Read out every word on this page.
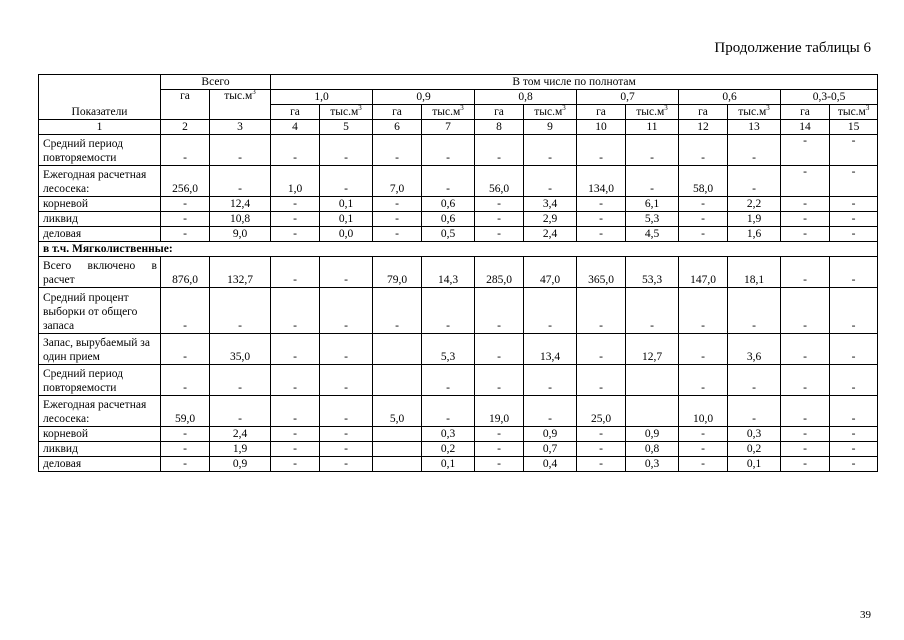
Продолжение таблицы 6
Показатели	Всего		В том числе по полнотам											
	га	$тыс.м^3$	1,0		0,9		0,8		0,7		0,6		0,3-0,5	
			га	$тыс.м^3$	га	$тыс.м^3$	га	$тыс.м^3$	га	$тыс.м^3$	га	$тыс.м^3$	га	$тыс.м^3$
1	2	3	4	5	6	7	8	9	10	11	12	13	14	15
Средний период повторяемости	-	-	-	-	-	-	-	-	-	-	-	-	-	-
Ежегодная расчетная лесосека:	256,0	-	1,0	-	7,0	-	56,0	-	134,0	-	58,0	-	-	-
корневой	-	12,4	-	0,1	-	0,6	-	3,4	-	6,1	-	2,2	-	-
ликвид	-	10,8	-	0,1	-	0,6	-	2,9	-	5,3	-	1,9	-	-
деловая	-	9,0	-	0,0	-	0,5	-	2,4	-	4,5	-	1,6	-	-
в т.ч. Мягколиственные:														
Всего включено в расчет	876,0	132,7	-	-	79,0	14,3	285,0	47,0	365,0	53,3	147,0	18,1	-	-
Средний процент выборки от общего запаса	-	-	-	-	-	-	-	-	-	-	-	-	-	-
Запас, вырубаемый за один прием	-	35,0	-	-		5,3	-	13,4	-	12,7	-	3,6	-	-
Средний период повторяемости	-	-	-	-		-	-	-	-		-	-	-	-
Ежегодная расчетная лесосека:	59,0	-	-	-	5,0	-	19,0	-	25,0		10,0	-	-	-
корневой	-	2,4	-	-		0,3	-	0,9	-	0,9	-	0,3	-	-
ликвид	-	1,9	-	-		0,2	-	0,7	-	0,8	-	0,2	-	-
деловая	-	0,9	-	-		0,1	-	0,4	-	0,3	-	0,1	-	-
39
